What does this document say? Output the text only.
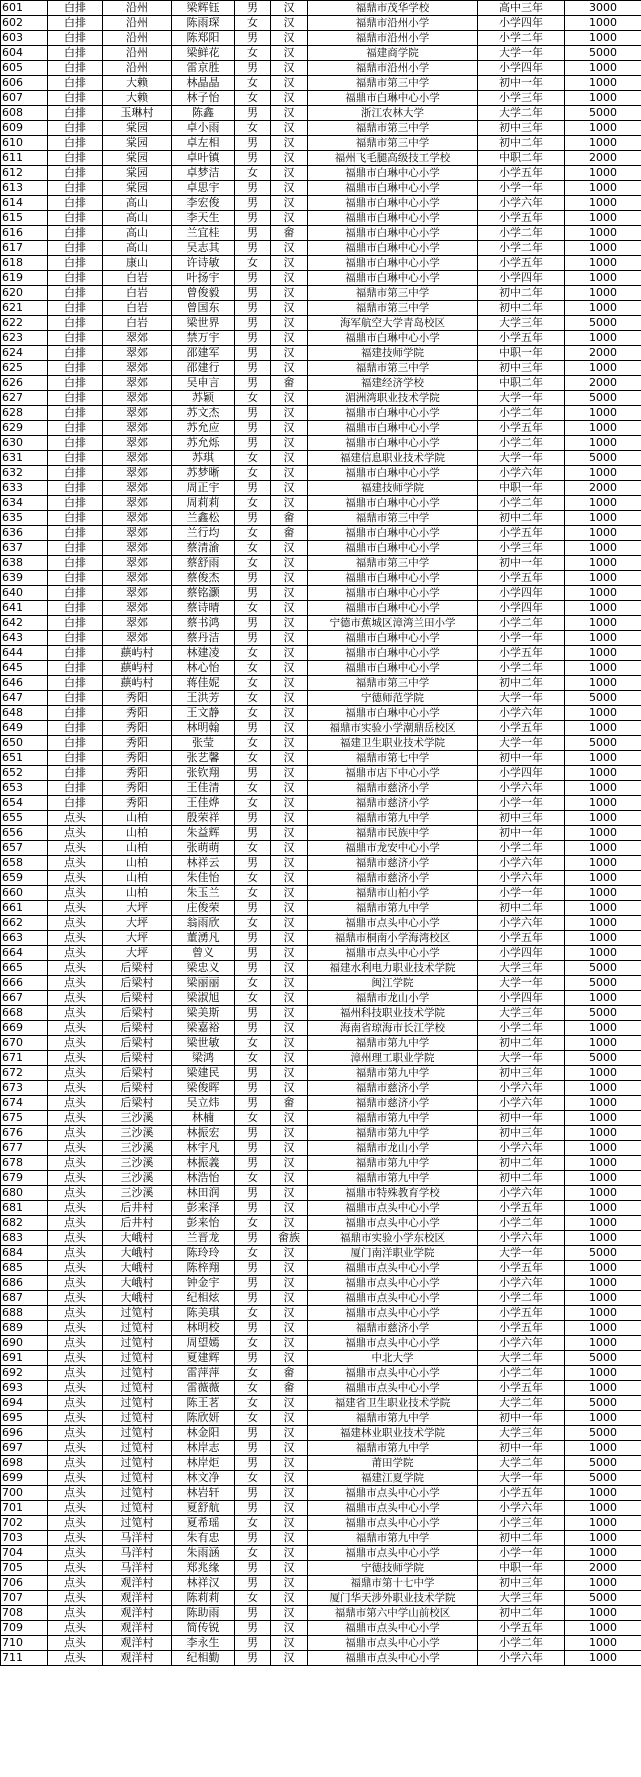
601	白排	沿州	梁辉钰	男	汉	福鼎市茂华学校	高中三年	3000
602	白排	沿州	陈雨琛	女	汉	福鼎市沿州小学	小学四年	1000
603	白排	沿州	陈郑阳	男	汉	福鼎市沿州小学	小学二年	1000
604	白排	沿州	梁鲜花	女	汉	福建商学院	大学一年	5000
605	白排	沿州	雷京胜	男	汉	福鼎市沿州小学	小学四年	1000
606	白排	大赖	林晶晶	女	汉	福鼎市第三中学	初中一年	1000
607	白排	大赖	林子怡	女	汉	福鼎市白琳中心小学	小学三年	1000
608	白排	玉琳村	陈鑫	男	汉	浙江农林大学	大学二年	5000
609	白排	棠园	卓小雨	女	汉	福鼎市第三中学	初中三年	1000
610	白排	棠园	卓左相	男	汉	福鼎市第三中学	初中二年	1000
611	白排	棠园	卓叶镇	男	汉	福州飞毛腿高级技工学校	中职二年	2000
612	白排	棠园	卓梦洁	女	汉	福鼎市白琳中心小学	小学五年	1000
613	白排	棠园	卓思宇	男	汉	福鼎市白琳中心小学	小学一年	1000
614	白排	高山	李宏俊	男	汉	福鼎市白琳中心小学	小学六年	1000
615	白排	高山	李天生	男	汉	福鼎市白琳中心小学	小学五年	1000
616	白排	高山	兰宜桂	男	畲	福鼎市白琳中心小学	小学二年	1000
617	白排	高山	吴志其	男	汉	福鼎市白琳中心小学	小学二年	1000
618	白排	康山	许诗敏	女	汉	福鼎市白琳中心小学	小学五年	1000
619	白排	白岩	叶扬宇	男	汉	福鼎市白琳中心小学	小学四年	1000
620	白排	白岩	曾俊毅	男	汉	福鼎市第三中学	初中二年	1000
621	白排	白岩	曾国东	男	汉	福鼎市第三中学	初中二年	1000
622	白排	白岩	梁世界	男	汉	海军航空大学青岛校区	大学三年	5000
623	白排	翠郊	禁万宇	男	汉	福鼎市白琳中心小学	小学五年	1000
624	白排	翠郊	邵建军	男	汉	福建技师学院	中职一年	2000
625	白排	翠郊	邵建行	男	汉	福鼎市第三中学	初中三年	1000
626	白排	翠郊	吴申言	男	畲	福建经济学校	中职二年	2000
627	白排	翠郊	苏颖	女	汉	湄洲湾职业技术学院	大学一年	5000
628	白排	翠郊	苏文杰	男	汉	福鼎市白琳中心小学	小学二年	1000
629	白排	翠郊	苏允应	男	汉	福鼎市白琳中心小学	小学五年	1000
630	白排	翠郊	苏允烁	男	汉	福鼎市白琳中心小学	小学二年	1000
631	白排	翠郊	苏琪	女	汉	福建信息职业技术学院	大学一年	5000
632	白排	翠郊	苏梦晰	女	汉	福鼎市白琳中心小学	小学六年	1000
633	白排	翠郊	周正宇	男	汉	福建技师学院	中职一年	2000
634	白排	翠郊	周莉莉	女	汉	福鼎市白琳中心小学	小学二年	1000
635	白排	翠郊	兰鑫松	男	畲	福鼎市第三中学	初中二年	1000
636	白排	翠郊	兰行均	女	畲	福鼎市白琳中心小学	小学五年	1000
637	白排	翠郊	蔡清渝	女	汉	福鼎市白琳中心小学	小学三年	1000
638	白排	翠郊	蔡舒雨	女	汉	福鼎市第三中学	初中一年	1000
639	白排	翠郊	蔡俊杰	男	汉	福鼎市白琳中心小学	小学五年	1000
640	白排	翠郊	蔡铭灏	男	汉	福鼎市白琳中心小学	小学四年	1000
641	白排	翠郊	蔡诗晴	女	汉	福鼎市白琳中心小学	小学四年	1000
642	白排	翠郊	蔡书鸿	男	汉	宁德市蕉城区漳湾兰田小学	小学二年	1000
643	白排	翠郊	蔡丹洁	男	汉	福鼎市白琳中心小学	小学一年	1000
644	白排	蕻屿村	林建凌	女	汉	福鼎市白琳中心小学	小学五年	1000
645	白排	蕻屿村	林心怡	女	汉	福鼎市白琳中心小学	小学二年	1000
646	白排	蕻屿村	蒋佳妮	女	汉	福鼎市第三中学	初中二年	1000
647	白排	秀阳	王洪芳	女	汉	宁德师范学院	大学一年	5000
648	白排	秀阳	王文静	女	汉	福鼎市白琳中心小学	小学六年	1000
649	白排	秀阳	林明翰	男	汉	福鼎市实验小学潮鼎岳校区	小学五年	1000
650	白排	秀阳	张莹	女	汉	福建卫生职业技术学院	大学一年	5000
651	白排	秀阳	张艺馨	女	汉	福鼎市第七中学	初中一年	1000
652	白排	秀阳	张钦翔	男	汉	福鼎市店下中心小学	小学四年	1000
653	白排	秀阳	王佳清	女	汉	福鼎市慈济小学	小学六年	1000
654	白排	秀阳	王佳烨	女	汉	福鼎市慈济小学	小学一年	1000
655	点头	山柏	殷荣祥	男	汉	福鼎市第九中学	初中三年	1000
656	点头	山柏	朱益辉	男	汉	福鼎市民族中学	初中一年	1000
657	点头	山柏	张萌萌	女	汉	福鼎市龙安中心小学	小学二年	1000
658	点头	山柏	林祥云	男	汉	福鼎市慈济小学	小学六年	1000
659	点头	山柏	朱佳怡	女	汉	福鼎市慈济小学	小学六年	1000
660	点头	山柏	朱玉兰	女	汉	福鼎市山柏小学	小学一年	1000
661	点头	大坪	庄俊荣	男	汉	福鼎市第九中学	初中二年	1000
662	点头	大坪	翁雨欣	女	汉	福鼎市点头中心小学	小学六年	1000
663	点头	大坪	董湧凡	男	汉	福鼎市桐南小学海湾校区	小学五年	1000
664	点头	大坪	曾义	男	汉	福鼎市点头中心小学	小学四年	1000
665	点头	后梁村	梁忠义	男	汉	福建水利电力职业技术学院	大学三年	5000
666	点头	后梁村	梁丽丽	女	汉	闽江学院	大学一年	5000
667	点头	后梁村	梁淑旭	女	汉	福鼎市龙山小学	小学四年	1000
668	点头	后梁村	梁美斯	男	汉	福州科技职业技术学院	大学三年	5000
669	点头	后梁村	梁嘉裕	男	汉	海南省琼海市长江学校	小学二年	1000
670	点头	后梁村	梁世敏	女	汉	福鼎市第九中学	初中二年	1000
671	点头	后梁村	梁鸿	女	汉	漳州理工职业学院	大学一年	5000
672	点头	后梁村	梁建民	男	汉	福鼎市第九中学	初中三年	1000
673	点头	后梁村	梁俊晖	男	汉	福鼎市慈济小学	小学六年	1000
674	点头	后梁村	吴立炜	男	畲	福鼎市慈济小学	小学六年	1000
675	点头	三沙溪	林楠	女	汉	福鼎市第九中学	初中一年	1000
676	点头	三沙溪	林振宏	男	汉	福鼎市第九中学	初中三年	1000
677	点头	三沙溪	林宇凡	男	汉	福鼎市龙山小学	小学六年	1000
678	点头	三沙溪	林振義	男	汉	福鼎市第九中学	初中二年	1000
679	点头	三沙溪	林浩怡	女	汉	福鼎市第九中学	初中二年	1000
680	点头	三沙溪	林田润	男	汉	福鼎市特殊教育学校	小学六年	1000
681	点头	后井村	彭来泽	男	汉	福鼎市点头中心小学	小学五年	1000
682	点头	后井村	彭来怡	女	汉	福鼎市点头中心小学	小学二年	1000
683	点头	大峨村	兰晋龙	男	畲族	福鼎市实验小学东校区	小学六年	1000
684	点头	大峨村	陈玲玲	女	汉	厦门南洋职业学院	大学一年	5000
685	点头	大峨村	陈梓翔	男	汉	福鼎市点头中心小学	小学五年	1000
686	点头	大峨村	钟金宇	男	汉	福鼎市点头中心小学	小学六年	1000
687	点头	大峨村	纪相炫	男	汉	福鼎市点头中心小学	小学二年	1000
688	点头	过笕村	陈美琪	女	汉	福鼎市点头中心小学	小学五年	1000
689	点头	过笕村	林明校	男	汉	福鼎市慈济小学	小学五年	1000
690	点头	过笕村	周望嫣	女	汉	福鼎市点头中心小学	小学六年	1000
691	点头	过笕村	夏建辉	男	汉	中北大学	大学二年	5000
692	点头	过笕村	雷萍萍	女	畲	福鼎市点头中心小学	小学二年	1000
693	点头	过笕村	雷薇薇	女	畲	福鼎市点头中心小学	小学五年	1000
694	点头	过笕村	陈王茗	女	汉	福建省卫生职业技术学院	大学二年	5000
695	点头	过笕村	陈欣妍	女	汉	福鼎市第九中学	初中一年	1000
696	点头	过笕村	林金阳	男	汉	福建林业职业技术学院	大学三年	5000
697	点头	过笕村	林岸志	男	汉	福鼎市第九中学	初中一年	1000
698	点头	过笕村	林岸炬	男	汉	莆田学院	大学二年	5000
699	点头	过笕村	林文净	女	汉	福建江夏学院	大学一年	5000
700	点头	过笕村	林岩轩	男	汉	福鼎市点头中心小学	小学五年	1000
701	点头	过笕村	夏舒航	男	汉	福鼎市点头中心小学	小学六年	1000
702	点头	过笕村	夏希瑶	女	汉	福鼎市点头中心小学	小学三年	1000
703	点头	马洋村	朱有忠	男	汉	福鼎市第九中学	初中二年	1000
704	点头	马洋村	朱雨涵	女	汉	福鼎市点头中心小学	小学一年	1000
705	点头	马洋村	郑兆缘	男	汉	宁德技师学院	中职一年	2000
706	点头	观洋村	林祥汉	男	汉	福鼎市第十七中学	初中三年	1000
707	点头	观洋村	陈莉莉	女	汉	厦门华天涉外职业技术学院	大学三年	5000
708	点头	观洋村	陈助雨	男	汉	福鼎市第六中学山前校区	初中二年	1000
709	点头	观洋村	简传锐	男	汉	福鼎市点头中心小学	小学五年	1000
710	点头	观洋村	李永生	男	汉	福鼎市点头中心小学	小学二年	1000
711	点头	观洋村	纪相勤	男	汉	福鼎市点头中心小学	小学六年	1000
